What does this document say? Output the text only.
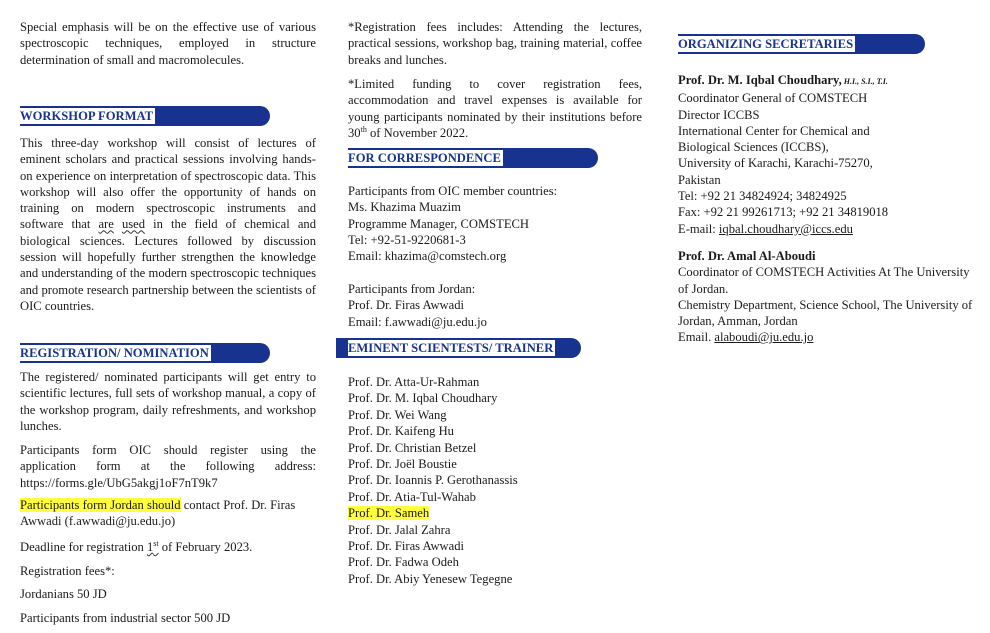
Special emphasis will be on the effective use of various spectroscopic techniques, employed in structure determination of small and macromolecules.

WORKSHOP FORMAT

This three-day workshop will consist of lectures of eminent scholars and practical sessions involving hands-on experience on interpretation of spectroscopic data. This workshop will also offer the opportunity of hands on training on modern spectroscopic instruments and software that are used in the field of chemical and biological sciences. Lectures followed by discussion session will hopefully further strengthen the knowledge and understanding of the modern spectroscopic techniques and promote research partnership between the scientists of OIC countries.

REGISTRATION/ NOMINATION

The registered/ nominated participants will get entry to scientific lectures, full sets of workshop manual, a copy of the workshop program, daily refreshments, and workshop lunches.

Participants form OIC should register using the application form at the following address: https://forms.gle/UbG5akgj1oF7nT9k7

Participants form Jordan should contact Prof. Dr. Firas Awwadi (f.awwadi@ju.edu.jo)

Deadline for registration 1st of February 2023.

Registration fees*:

Jordanians 50 JD

Participants from industrial sector 500 JD

*Registration fees includes: Attending the lectures, practical sessions, workshop bag, training material, coffee breaks and lunches.

*Limited funding to cover registration fees, accommodation and travel expenses is available for young participants nominated by their institutions before 30th of November 2022.

FOR CORRESPONDENCE

Participants from OIC member countries:

Ms. Khazima Muazim

Programme Manager, COMSTECH

Tel: +92-51-9220681-3

Email: khazima@comstech.org

Participants from Jordan:

Prof. Dr. Firas Awwadi

Email: f.awwadi@ju.edu.jo

EMINENT SCIENTESTS/ TRAINER

Prof. Dr. Atta-Ur-Rahman

Prof. Dr. M. Iqbal Choudhary

Prof. Dr. Wei Wang

Prof. Dr. Kaifeng Hu

Prof. Dr. Christian Betzel

Prof. Dr. Joël Boustie

Prof. Dr. Ioannis P. Gerothanassis

Prof. Dr. Atia-Tul-Wahab

Prof. Dr. Sameh

Prof. Dr. Jalal Zahra

Prof. Dr. Firas Awwadi

Prof. Dr. Fadwa Odeh

Prof. Dr. Abiy Yenesew Tegegne

ORGANIZING SECRETARIES

Prof. Dr. M. Iqbal Choudhary, H.I., S.I., T.I.

Coordinator General of COMSTECH

Director ICCBS

International Center for Chemical and Biological Sciences (ICCBS),

University of Karachi, Karachi-75270, Pakistan

Tel: +92 21 34824924; 34824925

Fax: +92 21 99261713; +92 21 34819018

E-mail: iqbal.choudhary@iccs.edu

Prof. Dr. Amal Al-Aboudi

Coordinator of COMSTECH Activities At The University of Jordan.

Chemistry Department, Science School, The University of Jordan, Amman, Jordan

Email. alaboudi@ju.edu.jo
